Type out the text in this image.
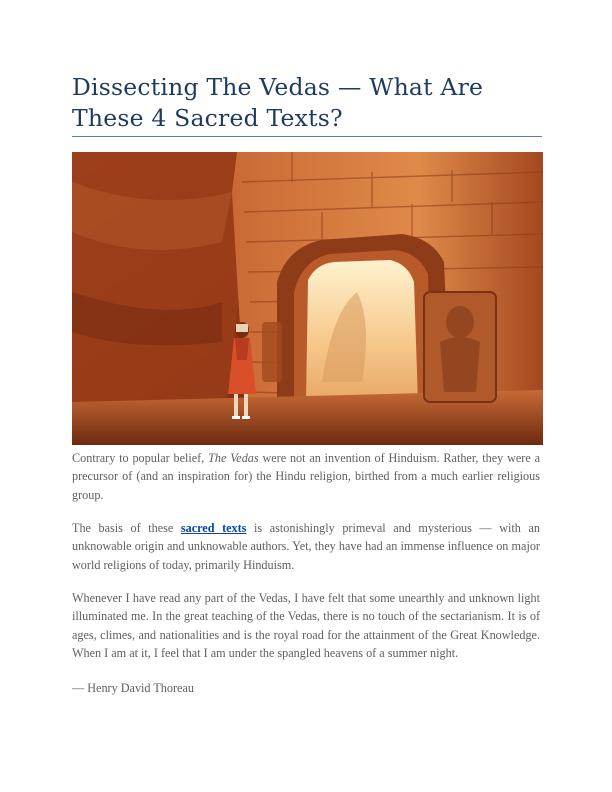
Dissecting The Vedas — What Are These 4 Sacred Texts?

Contrary to popular belief, The Vedas were not an invention of Hinduism. Rather, they were a precursor of (and an inspiration for) the Hindu religion, birthed from a much earlier religious group.

The basis of these sacred texts is astonishingly primeval and mysterious — with an unknowable origin and unknowable authors. Yet, they have had an immense influence on major world religions of today, primarily Hinduism.

Whenever I have read any part of the Vedas, I have felt that some unearthly and unknown light illuminated me. In the great teaching of the Vedas, there is no touch of the sectarianism. It is of ages, climes, and nationalities and is the royal road for the attainment of the Great Knowledge. When I am at it, I feel that I am under the spangled heavens of a summer night.

— Henry David Thoreau
